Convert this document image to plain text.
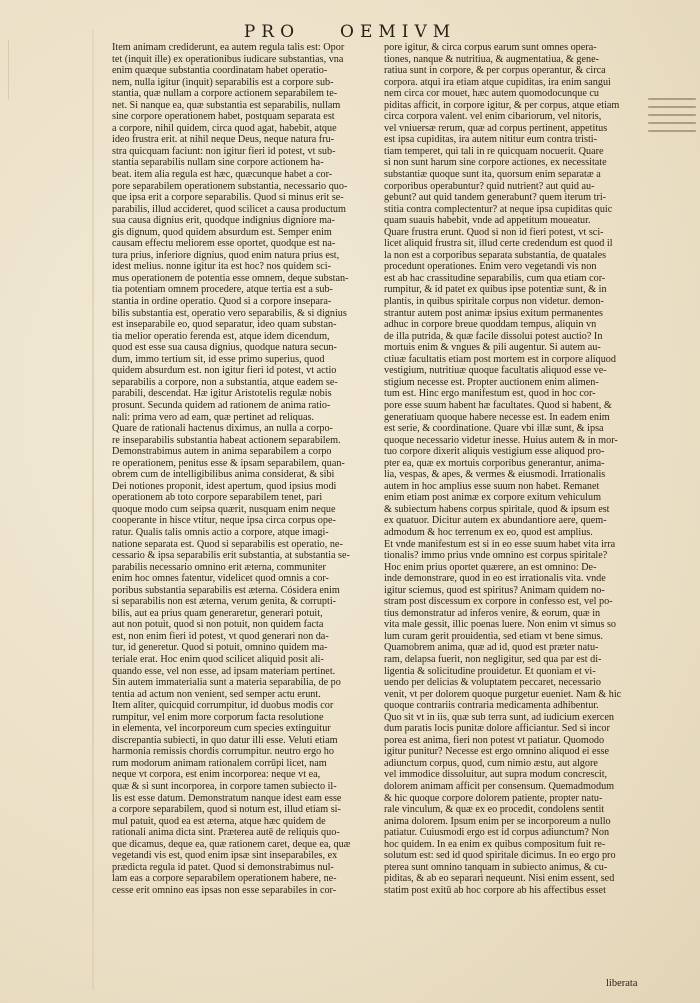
PRO OEMIVM
Item animam crediderunt, ea autem regula talis est: Opor
tet (inquit ille) ex operationibus iudicare substantias, vna
enim quæque substantia coordinatam habet operatio-
nem, nulla igitur (inquit) separabilis est a corpore sub-
stantia, quæ nullam a corpore actionem separabilem te-
net. Si nanque ea, quæ substantia est separabilis, nullam
sine corpore operationem habet, postquam separata est
a corpore, nihil quidem, circa quod agat, habebit, atque
ideo frustra erit. at nihil neque Deus, neque natura fru-
stra quicquam faciunt: non igitur fieri id potest, vt sub-
stantia separabilis nullam sine corpore actionem ha-
beat. item alia regula est hæc, quæcunque habet a cor-
pore separabilem operationem substantia, necessario quo-
que ipsa erit a corpore separabilis. Quod si minus erit se-
parabilis, illud accideret, quod scilicet a causa productum
sua causa dignius erit, quodque indignius digniore ma-
gis dignum, quod quidem absurdum est. Semper enim
causam effectu meliorem esse oportet, quodque est na-
tura prius, inferiore dignius, quod enim natura prius est,
idest melius. nonne igitur ita est hoc? nos quidem sci-
mus operationem de potentia esse omnem, deque substan-
tia potentiam omnem procedere, atque tertia est a sub-
stantia in ordine operatio. Quod si a corpore insepara-
bilis substantia est, operatio vero separabilis, & si dignius
est inseparabile eo, quod separatur, ideo quam substan-
tia melior operatio ferenda est, atque idem dicendum,
quod est esse sua causa dignius, quodque natura secun-
dum, immo tertium sit, id esse primo superius, quod
quidem absurdum est. non igitur fieri id potest, vt actio
separabilis a corpore, non a substantia, atque eadem se-
parabili, descendat. Hæ igitur Aristotelis regulæ nobis
prosunt. Secunda quidem ad rationem de anima ratio-
nali: prima vero ad eam, quæ pertinet ad reliquas.
Quare de rationali hactenus diximus, an nulla a corpo-
re inseparabilis substantia habeat actionem separabilem.
Demonstrabimus autem in anima separabilem a corpo
re operationem, penitus esse & ipsam separabilem, quan-
obrem cum de intelligibilibus anima considerat, & sibi
Dei notiones proponit, idest apertum, quod ipsius modi
operationem ab toto corpore separabilem tenet, pari
quoque modo cum seipsa quærit, nusquam enim neque
cooperante in hisce vtitur, neque ipsa circa corpus ope-
ratur. Qualis talis omnis actio a corpore, atque imagi-
natione separata est. Quod si separabilis est operatio, ne-
cessario & ipsa separabilis erit substantia, at substantia se-
parabilis necessario omnino erit æterna, communiter
enim hoc omnes fatentur, videlicet quod omnis a cor-
poribus substantia separabilis est æterna. Cósidera enim
si separabilis non est æterna, verum genita, & corrupti-
bilis, aut ea prius quam generaretur, generari potuit,
aut non potuit, quod si non potuit, non quidem facta
est, non enim fieri id potest, vt quod generari non da-
tur, id generetur. Quod si potuit, omnino quidem ma-
teriale erat. Hoc enim quod scilicet aliquid posit ali-
quando esse, vel non esse, ad ipsam materiam pertinet.
Sin autem immaterialia sunt a materia separabilia, de po
tentia ad actum non venient, sed semper actu erunt.
Item aliter, quicquid corrumpitur, id duobus modis cor
rumpitur, vel enim more corporum facta resolutione
in elementa, vel incorporeum cum species extinguitur
discrepantia subiecti, in quo datur illi esse. Veluti etiam
harmonia remissis chordis corrumpitur. neutro ergo ho
rum modorum animam rationalem corrūpi licet, nam
neque vt corpora, est enim incorporea: neque vt ea,
quæ & si sunt incorporea, in corpore tamen subiecto il-
lis est esse datum. Demonstratum nanque idest eam esse
a corpore separabilem, quod si notum est, illud etiam si-
mul patuit, quod ea est æterna, atque hæc quidem de
rationali anima dicta sint. Præterea autē de reliquis quo-
que dicamus, deque ea, quæ rationem caret, deque ea, quæ
vegetandi vis est, quod enim ipsæ sint inseparabiles, ex
prædicta regula id patet. Quod si demonstrabimus nul-
lam eas a corpore separabilem operationem habere, ne-
cesse erit omnino eas ipsas non esse separabiles in cor-
pore igitur, & circa corpus earum sunt omnes opera-
tiones, nanque & nutritiua, & augmentatiua, & gene-
ratiua sunt in corpore, & per corpus operantur, & circa
corpora. atqui ira etiam atque cupiditas, ira enim sangui
nem circa cor mouet, hæc autem quomodocunque cu
piditas afficit, in corpore igitur, & per corpus, atque etiam
circa corpora valent. vel enim cibariorum, vel nitoris,
vel vniuersæ rerum, quæ ad corpus pertinent, appetitus
est ipsa cupiditas, ira autem nititur eum contra tristi-
tiam temperet, qui tali in re quicquam nocuerit. Quare
si non sunt harum sine corpore actiones, ex necessitate
substantiæ quoque sunt ita, quorsum enim separatæ a
corporibus operabuntur? quid nutrient? aut quid au-
gebunt? aut quid tandem generabunt? quem iterum tri-
stitia contra complectentur? at neque ipsa cupiditas quic
quam suauis habebit, vnde ad appetitum moueatur.
Quare frustra erunt. Quod si non id fieri potest, vt sci-
licet aliquid frustra sit, illud certe credendum est quod il
la non est a corporibus separata substantia, de quatales
procedunt operationes. Enim vero vegetandi vis non
est ab hac crassitudine separabilis, cum qua etiam cor-
rumpitur, & id patet ex quibus ipse potentiæ sunt, & in
plantis, in quibus spiritale corpus non videtur. demon-
strantur autem post animæ ipsius exitum permanentes
adhuc in corpore breue quoddam tempus, aliquin vn
de illa putrida, & quæ facile dissolui potest auctio? In
mortuis enim & vngues & pili augentur. Si autem au-
ctiuæ facultatis etiam post mortem est in corpore aliquod
vestigium, nutritiuæ quoque facultatis aliquod esse ve-
stigium necesse est. Propter auctionem enim alimen-
tum est. Hinc ergo manifestum est, quod in hoc cor-
pore esse suum habent hæ facultates. Quod si habent, &
generatiuam quoque habere necesse est. In eadem enim
est serie, & coordinatione. Quare vbi illæ sunt, & ipsa
quoque necessario videtur inesse. Huius autem & in mor-
tuo corpore dixerit aliquis vestigium esse aliquod pro-
pter ea, quæ ex mortuis corporibus generantur, anima-
lia, vespas, & apes, & vermes & eiusmodi. Irrationalis
autem in hoc amplius esse suum non habet. Remanet
enim etiam post animæ ex corpore exitum vehiculum
& subiectum habens corpus spiritale, quod & ipsum est
ex quatuor. Dicitur autem ex abundantiore aere, quem-
admodum & hoc terrenum ex eo, quod est amplius.
Et vnde manifestum est si in eo esse suum habet vita irra
tionalis? immo prius vnde omnino est corpus spiritale?
Hoc enim prius oportet quærere, an est omnino: De-
inde demonstrare, quod in eo est irrationalis vita. vnde
igitur sciemus, quod est spiritus? Animam quidem no-
stram post discessum ex corpore in confesso est, vel po-
tius demonstratur ad inferos venire, & eorum, quæ in
vita male gessit, illic poenas luere. Non enim vt simus so
lum curam gerit prouidentia, sed etiam vt bene simus.
Quamobrem anima, quæ ad id, quod est præter natu-
ram, delapsa fuerit, non negligitur, sed qua par est di-
ligentia & solicitudine prouidetur. Et quoniam et vi-
uendo per delicias & voluptatem peccaret, necessario
venit, vt per dolorem quoque purgetur eueniet. Nam & hic
quoque contrariis contraria medicamenta adhibentur.
Quo sit vt in iis, quæ sub terra sunt, ad iudicium exercen
dum paratis locis punitæ dolore afficiantur. Sed si incor
porea est anima, fieri non potest vt patiatur. Quomodo
igitur punitur? Necesse est ergo omnino aliquod ei esse
adiunctum corpus, quod, cum nimio æstu, aut algore
vel immodice dissoluitur, aut supra modum concrescit,
dolorem animam afficit per consensum. Quemadmodum
& hic quoque corpore dolorem patiente, propter natu-
rale vinculum, & quæ ex eo procedit, condolens sentit
anima dolorem. Ipsum enim per se incorporeum a nullo
patiatur. Cuiusmodi ergo est id corpus adiunctum? Non
hoc quidem. In ea enim ex quibus compositum fuit re-
solutum est: sed id quod spiritale dicimus. In eo ergo pro
pterea sunt omnino tanquam in subiecto animus, & cu-
piditas, & ab eo separari nequeunt. Nisi enim essent, sed
statim post exitū ab hoc corpore ab his affectibus esset
liberata
